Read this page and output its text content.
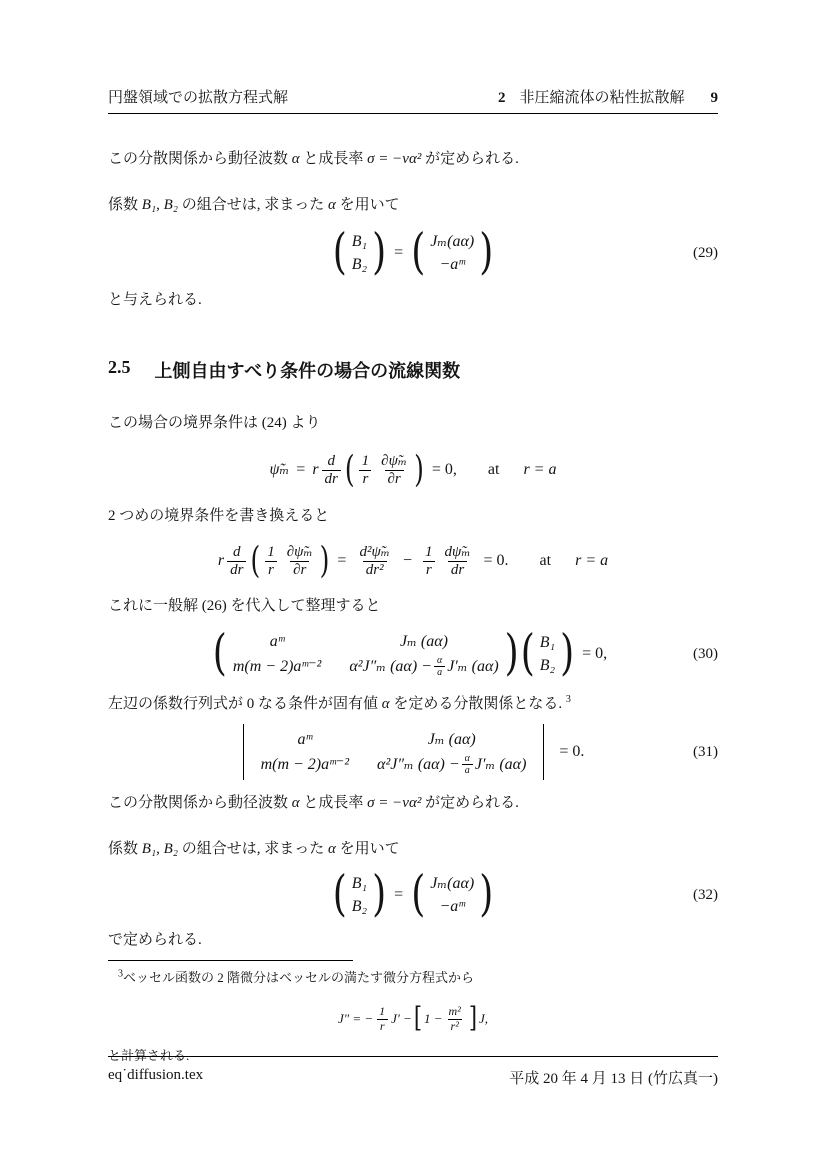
円盤領域での拡散方程式解	2 非圧縮流体の粘性拡散解 9

この分散関係から動径波数 α と成長率 σ = −να² が定められる.

係数 B₁, B₂ の組合せは, 求まった α を用いて

( B₁
B₂ ) = ( Jₘ(aα)
−aᵐ )	(29)

と与えられる.

2.5 上側自由すべり条件の場合の流線関数

この場合の境界条件は (24) より

ψ̃ₘ = r $\frac{d}{dr}$ ( $\frac{1}{r} \frac{\text{∂ψ̃ₘ}}{\partial r}$ ) = 0, at r = a

2 つめの境界条件を書き換えると

r $\frac{d}{dr}$ ( $\frac{1}{r} \frac{\text{∂ψ̃ₘ}}{\partial r}$ ) = $\frac{\text{d²ψ̃ₘ}}{\text{dr²}} - \frac{1}{r} \frac{\text{dψ̃ₘ}}{dr} = 0$. at r = a

これに一般解 (26) を代入して整理すると

(	aᵐ	Jₘ (aα)
m(m − 2)aᵐ⁻² α²J″ₘ $(a\alpha) - \frac{\alpha}{a} J'_m$ (aα) ) ( B₁
B₂ ) = 0,	(30)

左辺の係数行列式が 0 なる条件が固有値 α を定める分散関係となる. $^3$

aᵐ	Jₘ (aα)
m(m − 2)aᵐ⁻² α²J″ₘ $(a\alpha) - \frac{\alpha}{a} J'_m$ (aα)
= 0.	(31)

この分散関係から動径波数 α と成長率 σ = −να² が定められる.

係数 B₁, B₂ の組合せは, 求まった α を用いて

( B₁
B₂ ) = ( Jₘ(aα)
−aᵐ )	(32)

で定められる.

$^3$ベッセル函数の 2 階微分はベッセルの満たす微分方程式から

J″ = − $\frac{1}{r} J'$ − [ $1 - \frac{\text{m²}}{\text{r²}}$ ] J,

と計算される.

eq˙diffusion.tex	平成 20 年 4 月 13 日 (竹広真一)
